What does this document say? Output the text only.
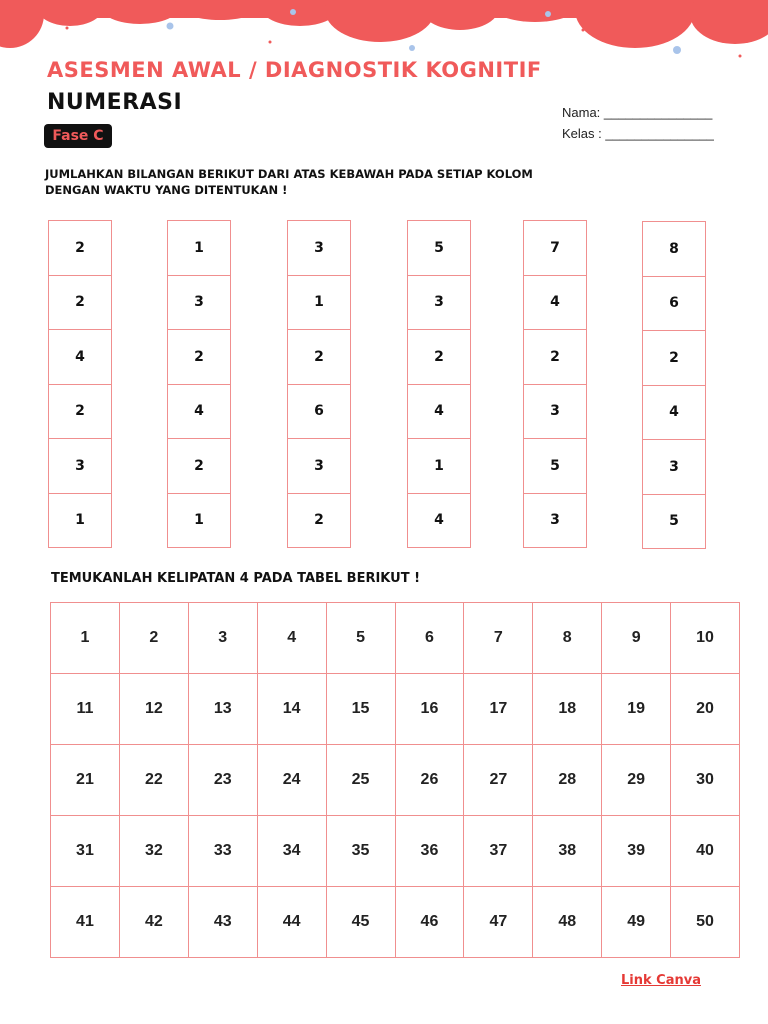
ASESMEN AWAL / DIAGNOSTIK KOGNITIF
NUMERASI
Fase C
Nama: _______________
Kelas : _______________
JUMLAHKAN BILANGAN BERIKUT DARI ATAS KEBAWAH PADA SETIAP KOLOM
DENGAN WAKTU YANG DITENTUKAN !
2
2
4
2
3
1
1
3
2
4
2
1
3
1
2
6
3
2
5
3
2
4
1
4
7
4
2
3
5
3
8
6
2
4
3
5
TEMUKANLAH KELIPATAN 4 PADA TABEL BERIKUT !
1	2	3	4	5	6	7	8	9	10
11	12	13	14	15	16	17	18	19	20
21	22	23	24	25	26	27	28	29	30
31	32	33	34	35	36	37	38	39	40
41	42	43	44	45	46	47	48	49	50
Link Canva
